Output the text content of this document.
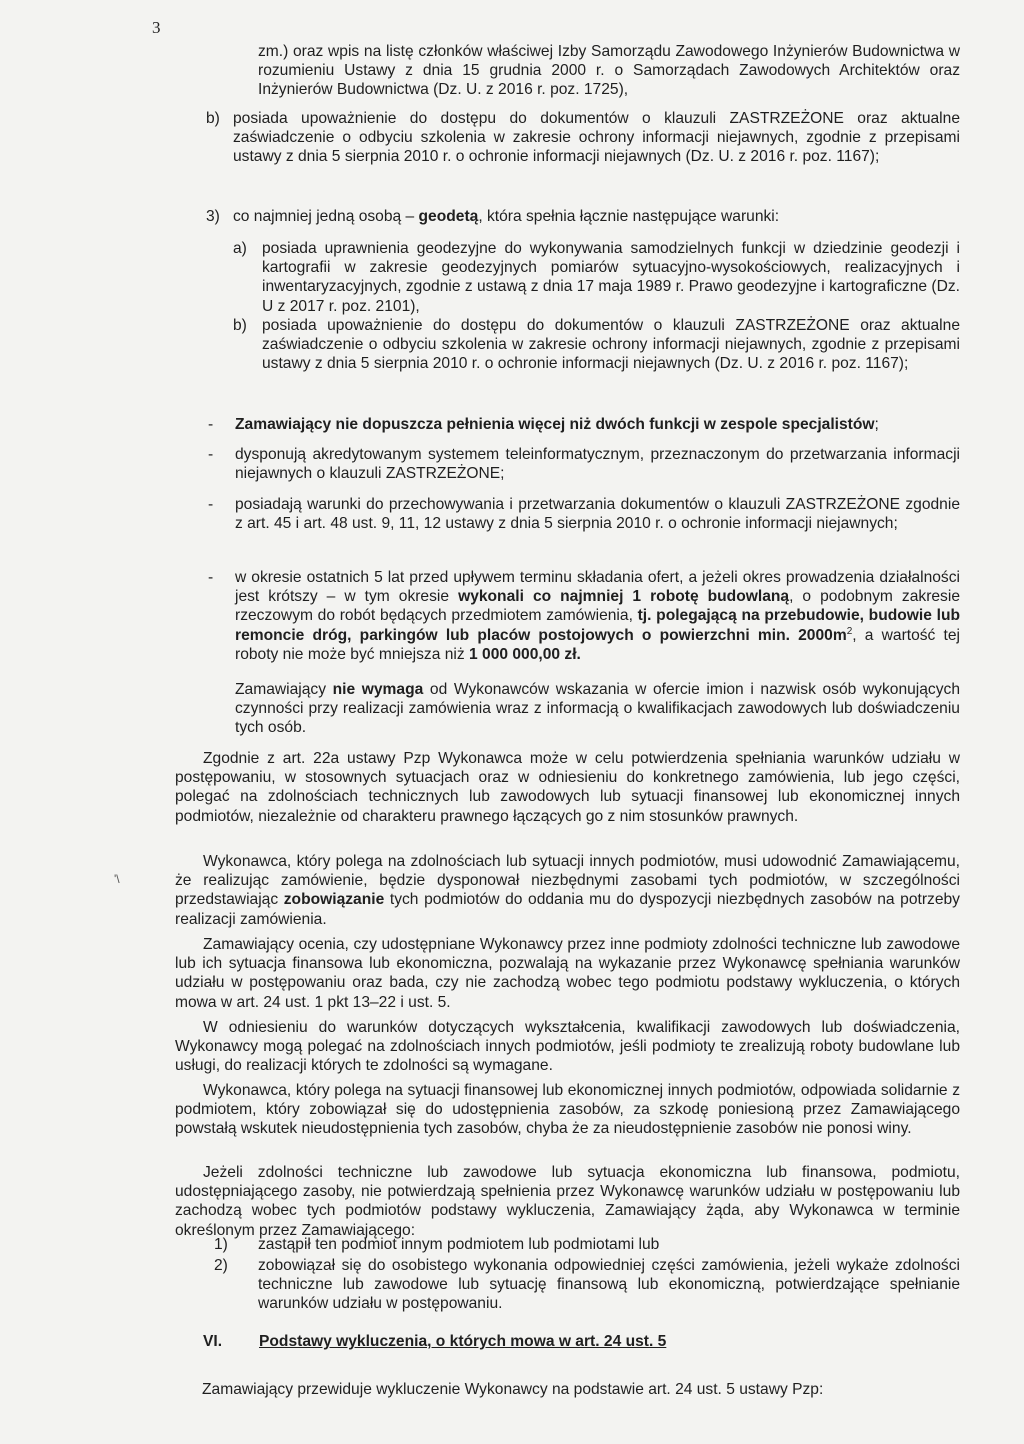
3
'\
zm.) oraz wpis na listę członków właściwej Izby Samorządu Zawodowego Inżynierów Budownictwa w rozumieniu Ustawy z dnia 15 grudnia 2000 r. o Samorządach Zawodowych Architektów oraz Inżynierów Budownictwa (Dz. U. z 2016 r. poz. 1725),
b) posiada upoważnienie do dostępu do dokumentów o klauzuli ZASTRZEŻONE oraz aktualne zaświadczenie o odbyciu szkolenia w zakresie ochrony informacji niejawnych, zgodnie z przepisami ustawy z dnia 5 sierpnia 2010 r. o ochronie informacji niejawnych (Dz. U. z 2016 r. poz. 1167);
3) co najmniej jedną osobą – geodetą, która spełnia łącznie następujące warunki:
a) posiada uprawnienia geodezyjne do wykonywania samodzielnych funkcji w dziedzinie geodezji i kartografii w zakresie geodezyjnych pomiarów sytuacyjno-wysokościowych, realizacyjnych i inwentaryzacyjnych, zgodnie z ustawą z dnia 17 maja 1989 r. Prawo geodezyjne i kartograficzne (Dz. U z 2017 r. poz. 2101),
b) posiada upoważnienie do dostępu do dokumentów o klauzuli ZASTRZEŻONE oraz aktualne zaświadczenie o odbyciu szkolenia w zakresie ochrony informacji niejawnych, zgodnie z przepisami ustawy z dnia 5 sierpnia 2010 r. o ochronie informacji niejawnych (Dz. U. z 2016 r. poz. 1167);
- Zamawiający nie dopuszcza pełnienia więcej niż dwóch funkcji w zespole specjalistów;
- dysponują akredytowanym systemem teleinformatycznym, przeznaczonym do przetwarzania informacji niejawnych o klauzuli ZASTRZEŻONE;
- posiadają warunki do przechowywania i przetwarzania dokumentów o klauzuli ZASTRZEŻONE zgodnie z art. 45 i art. 48 ust. 9, 11, 12 ustawy z dnia 5 sierpnia 2010 r. o ochronie informacji niejawnych;
- w okresie ostatnich 5 lat przed upływem terminu składania ofert, a jeżeli okres prowadzenia działalności jest krótszy – w tym okresie wykonali co najmniej 1 robotę budowlaną, o podobnym zakresie rzeczowym do robót będących przedmiotem zamówienia, tj. polegającą na przebudowie, budowie lub remoncie dróg, parkingów lub placów postojowych o powierzchni min. $2000m^2$, a wartość tej roboty nie może być mniejsza niż 1 000 000,00 zł.
Zamawiający nie wymaga od Wykonawców wskazania w ofercie imion i nazwisk osób wykonujących czynności przy realizacji zamówienia wraz z informacją o kwalifikacjach zawodowych lub doświadczeniu tych osób.
Zgodnie z art. 22a ustawy Pzp Wykonawca może w celu potwierdzenia spełniania warunków udziału w postępowaniu, w stosownych sytuacjach oraz w odniesieniu do konkretnego zamówienia, lub jego części, polegać na zdolnościach technicznych lub zawodowych lub sytuacji finansowej lub ekonomicznej innych podmiotów, niezależnie od charakteru prawnego łączących go z nim stosunków prawnych.
Wykonawca, który polega na zdolnościach lub sytuacji innych podmiotów, musi udowodnić Zamawiającemu, że realizując zamówienie, będzie dysponował niezbędnymi zasobami tych podmiotów, w szczególności przedstawiając zobowiązanie tych podmiotów do oddania mu do dyspozycji niezbędnych zasobów na potrzeby realizacji zamówienia.
Zamawiający ocenia, czy udostępniane Wykonawcy przez inne podmioty zdolności techniczne lub zawodowe lub ich sytuacja finansowa lub ekonomiczna, pozwalają na wykazanie przez Wykonawcę spełniania warunków udziału w postępowaniu oraz bada, czy nie zachodzą wobec tego podmiotu podstawy wykluczenia, o których mowa w art. 24 ust. 1 pkt 13–22 i ust. 5.
W odniesieniu do warunków dotyczących wykształcenia, kwalifikacji zawodowych lub doświadczenia, Wykonawcy mogą polegać na zdolnościach innych podmiotów, jeśli podmioty te zrealizują roboty budowlane lub usługi, do realizacji których te zdolności są wymagane.
Wykonawca, który polega na sytuacji finansowej lub ekonomicznej innych podmiotów, odpowiada solidarnie z podmiotem, który zobowiązał się do udostępnienia zasobów, za szkodę poniesioną przez Zamawiającego powstałą wskutek nieudostępnienia tych zasobów, chyba że za nieudostępnienie zasobów nie ponosi winy.
Jeżeli zdolności techniczne lub zawodowe lub sytuacja ekonomiczna lub finansowa, podmiotu, udostępniającego zasoby, nie potwierdzają spełnienia przez Wykonawcę warunków udziału w postępowaniu lub zachodzą wobec tych podmiotów podstawy wykluczenia, Zamawiający żąda, aby Wykonawca w terminie określonym przez Zamawiającego:
1) zastąpił ten podmiot innym podmiotem lub podmiotami lub
2) zobowiązał się do osobistego wykonania odpowiedniej części zamówienia, jeżeli wykaże zdolności techniczne lub zawodowe lub sytuację finansową lub ekonomiczną, potwierdzające spełnianie warunków udziału w postępowaniu.
VI. Podstawy wykluczenia, o których mowa w art. 24 ust. 5
Zamawiający przewiduje wykluczenie Wykonawcy na podstawie art. 24 ust. 5 ustawy Pzp:
